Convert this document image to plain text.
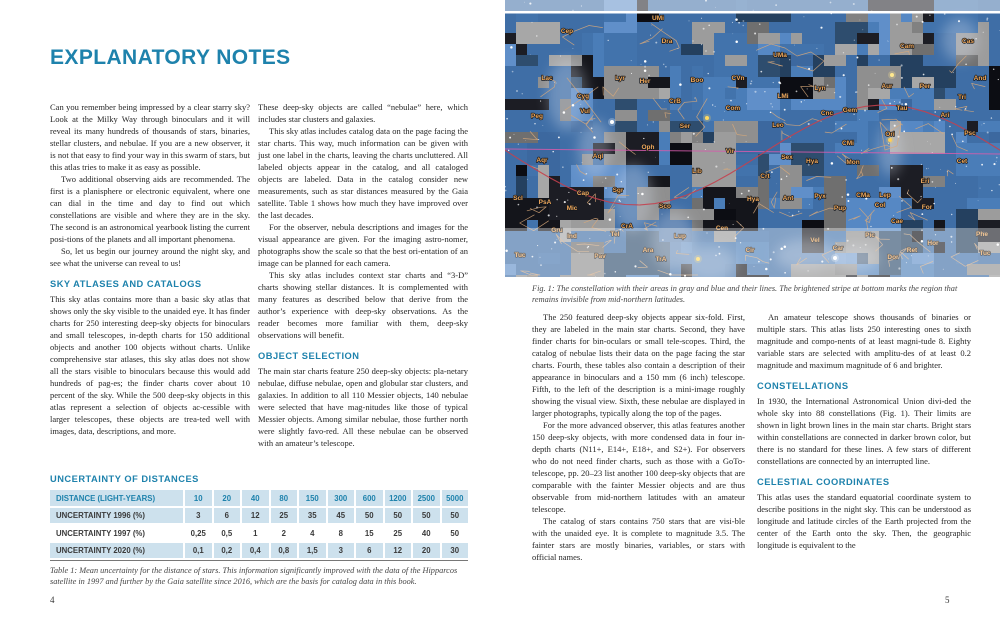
EXPLANATORY NOTES

Can you remember being impressed by a clear starry sky? Look at the Milky Way through binoculars and it will reveal its many hundreds of thousands of stars, binaries, stellar clusters, and nebulae. If you are a new observer, it is not that easy to find your way in this swarm of stars, but this atlas tries to make it as easy as possible.

Two additional observing aids are recommended. The first is a planisphere or electronic equivalent, where one can dial in the time and day to find out which constellations are visible and where they are in the sky. The second is an astronomical yearbook listing the current posi-tions of the planets and all important phenomena.

So, let us begin our journey around the night sky, and see what the universe can reveal to us!

SKY ATLASES AND CATALOGS

This sky atlas contains more than a basic sky atlas that shows only the sky visible to the unaided eye. It has finder charts for 250 interesting deep-sky objects for binoculars and small telescopes, in-depth charts for 150 additional objects and another 100 objects without charts. Unlike comprehensive star atlases, this sky atlas does not show all the stars visible to binoculars because this would add hundreds of pag-es; the finder charts cover about 10 percent of the sky. While the 500 deep-sky objects in this atlas represent a selection of objects ac-cessible with larger telescopes, these objects are trea-ted well with images, data, descriptions, and more.

These deep-sky objects are called “nebulae” here, which includes star clusters and galaxies.

This sky atlas includes catalog data on the page facing the star charts. This way, much information can be given with just one label in the charts, leaving the charts uncluttered. All labeled objects appear in the catalog, and all cataloged objects are labeled. Data in the catalog consider new measurements, such as star distances measured by the Gaia satellite. Table 1 shows how much they have improved over the last decades.

For the observer, nebula descriptions and images for the visual appearance are given. For the imaging astro-nomer, photographs show the scale so that the best ori-entation of an image can be planned for each camera.

This sky atlas includes context star charts and “3-D” charts showing stellar distances. It is complemented with many features as described below that derive from the author’s experience with deep-sky observations. As the reader becomes more familiar with them, deep-sky observations will benefit.

OBJECT SELECTION

The main star charts feature 250 deep-sky objects: pla-netary nebulae, diffuse nebulae, open and globular star clusters, and galaxies. In addition to all 110 Messier objects, 140 nebulae were selected that have mag-nitudes like those of typical Messier objects. Among similar nebulae, those further north were slightly favo-red. All these nebulae can be observed with an amateur’s telescope.

UNCERTAINTY OF DISTANCES
DISTANCE (LIGHT-YEARS)	10	20	40	80	150	300	600	1200	2500	5000
UNCERTAINTY 1996 (%)	3	6	12	25	35	45	50	50	50	50
UNCERTAINTY 1997 (%)	0,25	0,5	1	2	4	8	15	25	40	50
UNCERTAINTY 2020 (%)	0,1	0,2	0,4	0,8	1,5	3	6	12	20	30
Table 1: Mean uncertainty for the distance of stars. This information significantly improved with the data of the Hipparcos satellite in 1997 and further by the Gaia satellite since 2016, which are the basis for catalog data in this book.
4
Cep
UMi
Dra
Lac	Lyr Her	Boo	CVn
Cyg
CrB
Com
Peg
Vul
Ser
UMa
Cam
Cas
Lyn	Aur	Per
And
LMi
Gem	Tau
Ari
Tri
Cnc
Leo
Aqr
Aql
Oph
Vir
Lib
Cap	Sgr
Sco
Scl
PsA
Mic
Gru
Ind	Tel
CrA
Pav
Tuc
Ara
TrA
Lup
Cen
Cir
Ori
CMi
Sex
Hya	Mon
Psc
Cet
Crt
CMa Lep
Eri
Ant	Pyx
Pup	Col
Cae
For
Vel
Car
Pic
Dor
Ret
Hor
Phe
Tuc
Hya
Fig. 1: The constellation with their areas in gray and blue and their lines. The brightened stripe at bottom marks the region that remains invisible from mid-northern latitudes.

The 250 featured deep-sky objects appear six-fold. First, they are labeled in the main star charts. Second, they have finder charts for bin-oculars or small tele-scopes. Third, the catalog of nebulae lists their data on the page facing the star charts. Fourth, these tables also contain a description of their appearance in binoculars and a 150 mm (6 inch) telescope. Fifth, to the left of the description is a mini-image roughly showing the visual view. Sixth, these nebulae are displayed in larger photographs, typically along the top of the pages.

For the more advanced observer, this atlas features another 150 deep-sky objects, with more condensed data in four in-depth charts (N11+, E14+, E18+, and S2+). For observers who do not need finder charts, such as those with a GoTo-telescope, pp. 20–23 list another 100 deep-sky objects that are comparable with the fainter Messier objects and are thus observable from mid-northern latitudes with an amateur telescope.

The catalog of stars contains 750 stars that are visi-ble with the unaided eye. It is complete to magnitude 3.5. The fainter stars are mostly binaries, variables, or stars with official names.

An amateur telescope shows thousands of binaries or multiple stars. This atlas lists 250 interesting ones to sixth magnitude and compo-nents of at least magni-tude 8. Eighty variable stars are selected with amplitu-des of at least 0.2 magnitude and maximum magnitude of 6 and brighter.

CONSTELLATIONS

In 1930, the International Astronomical Union divi-ded the whole sky into 88 constellations (Fig. 1). Their limits are shown in light brown lines in the main star charts. Bright stars within constellations are connected in darker brown color, but there is no standard for these lines. A few stars of different constellations are connected by an interrupted line.

CELESTIAL COORDINATES

This atlas uses the standard equatorial coordinate system to describe positions in the night sky. This can be understood as longitude and latitude circles of the Earth projected from the center of the Earth onto the sky. Then, the geographic longitude is equivalent to the

5
